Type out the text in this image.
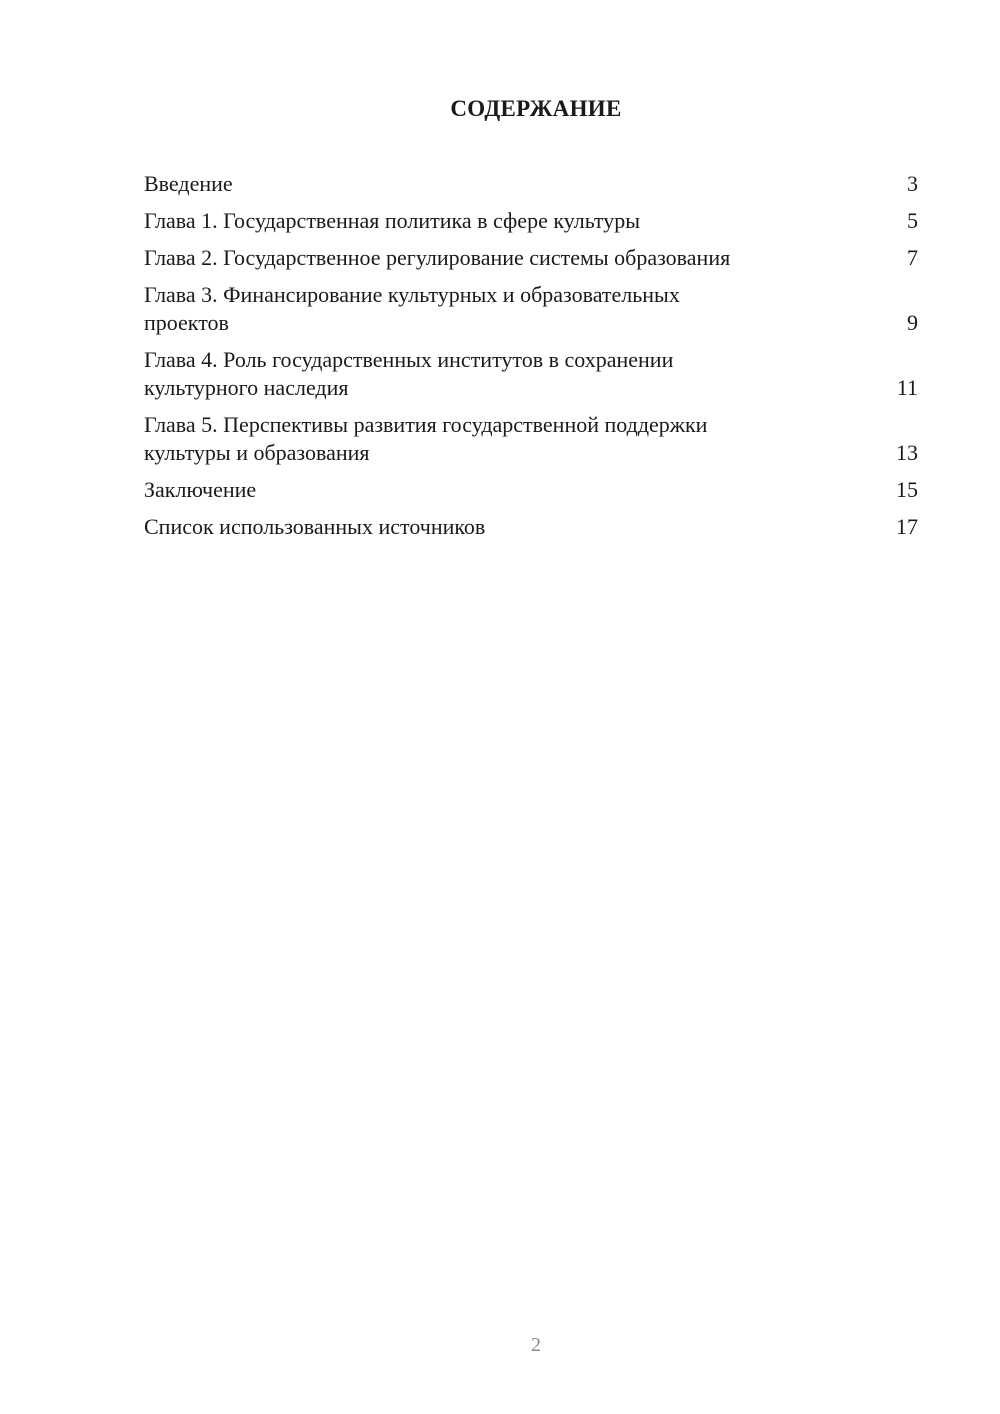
СОДЕРЖАНИЕ
Введение	3
Глава 1. Государственная политика в сфере культуры	5
Глава 2. Государственное регулирование системы образования	7
Глава 3. Финансирование культурных и образовательных
проектов	9
Глава 4. Роль государственных институтов в сохранении
культурного наследия	11
Глава 5. Перспективы развития государственной поддержки
культуры и образования	13
Заключение	15
Список использованных источников	17
2
